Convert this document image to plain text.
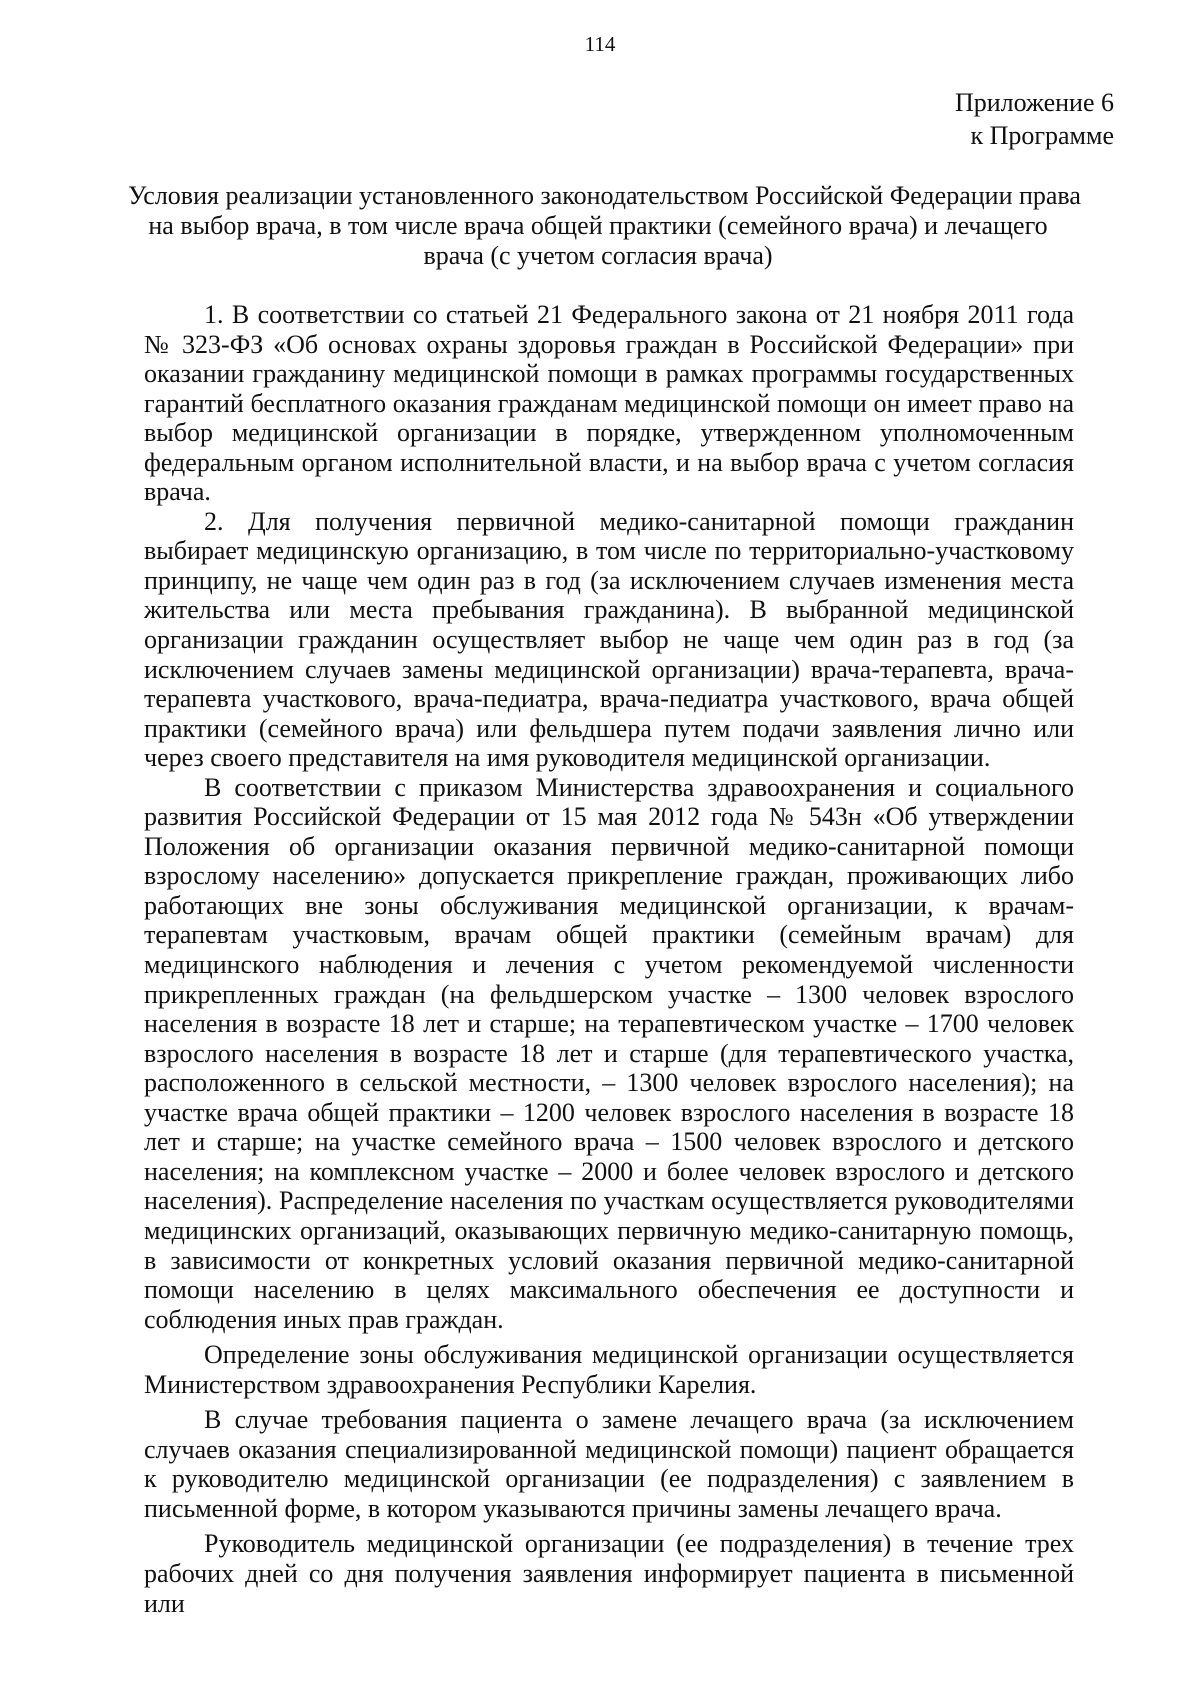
114
Приложение 6
к Программе
Условия реализации установленного законодательством Российской Федерации права
на выбор врача, в том числе врача общей практики (семейного врача) и лечащего
врача (с учетом согласия врача)

1. В соответствии со статьей 21 Федерального закона от 21 ноября 2011 года № 323-ФЗ «Об основах охраны здоровья граждан в Российской Федерации» при оказании гражданину медицинской помощи в рамках программы государственных гарантий бесплатного оказания гражданам медицинской помощи он имеет право на выбор медицинской организации в порядке, утвержденном уполномоченным федеральным органом исполнительной власти, и на выбор врача с учетом согласия врача.

2. Для получения первичной медико-санитарной помощи гражданин выбирает медицинскую организацию, в том числе по территориально-участковому принципу, не чаще чем один раз в год (за исключением случаев изменения места жительства или места пребывания гражданина). В выбранной медицинской организации гражданин осуществляет выбор не чаще чем один раз в год (за исключением случаев замены медицинской организации) врача-терапевта, врача-терапевта участкового, врача-педиатра, врача-педиатра участкового, врача общей практики (семейного врача) или фельдшера путем подачи заявления лично или через своего представителя на имя руководителя медицинской организации.

В соответствии с приказом Министерства здравоохранения и социального развития Российской Федерации от 15 мая 2012 года № 543н «Об утверждении Положения об организации оказания первичной медико-санитарной помощи взрослому населению» допускается прикрепление граждан, проживающих либо работающих вне зоны обслуживания медицинской организации, к врачам- терапевтам участковым, врачам общей практики (семейным врачам) для медицинского наблюдения и лечения с учетом рекомендуемой численности прикрепленных граждан (на фельдшерском участке – 1300 человек взрослого населения в возрасте 18 лет и старше; на терапевтическом участке – 1700 человек взрослого населения в возрасте 18 лет и старше (для терапевтического участка, расположенного в сельской местности, – 1300 человек взрослого населения); на участке врача общей практики – 1200 человек взрослого населения в возрасте 18 лет и старше; на участке семейного врача – 1500 человек взрослого и детского населения; на комплексном участке – 2000 и более человек взрослого и детского населения). Распределение населения по участкам осуществляется руководителями медицинских организаций, оказывающих первичную медико-санитарную помощь, в зависимости от конкретных условий оказания первичной медико-санитарной помощи населению в целях максимального обеспечения ее доступности и соблюдения иных прав граждан.

Определение зоны обслуживания медицинской организации осуществляется Министерством здравоохранения Республики Карелия.

В случае требования пациента о замене лечащего врача (за исключением случаев оказания специализированной медицинской помощи) пациент обращается к руководителю медицинской организации (ее подразделения) с заявлением в письменной форме, в котором указываются причины замены лечащего врача.

Руководитель медицинской организации (ее подразделения) в течение трех рабочих дней со дня получения заявления информирует пациента в письменной или
